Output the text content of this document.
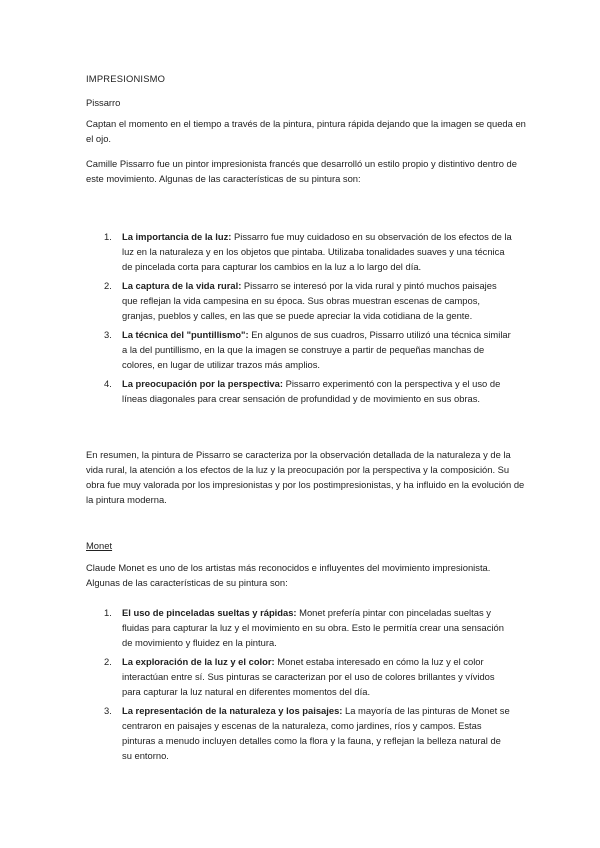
IMPRESIONISMO

Pissarro

Captan el momento en el tiempo a través de la pintura, pintura rápida dejando que la imagen se queda en el ojo.

Camille Pissarro fue un pintor impresionista francés que desarrolló un estilo propio y distintivo dentro de este movimiento. Algunas de las características de su pintura son:

1. La importancia de la luz: Pissarro fue muy cuidadoso en su observación de los efectos de la luz en la naturaleza y en los objetos que pintaba. Utilizaba tonalidades suaves y una técnica de pincelada corta para capturar los cambios en la luz a lo largo del día.
2. La captura de la vida rural: Pissarro se interesó por la vida rural y pintó muchos paisajes que reflejan la vida campesina en su época. Sus obras muestran escenas de campos, granjas, pueblos y calles, en las que se puede apreciar la vida cotidiana de la gente.
3. La técnica del "puntillismo": En algunos de sus cuadros, Pissarro utilizó una técnica similar a la del puntillismo, en la que la imagen se construye a partir de pequeñas manchas de colores, en lugar de utilizar trazos más amplios.
4. La preocupación por la perspectiva: Pissarro experimentó con la perspectiva y el uso de líneas diagonales para crear sensación de profundidad y de movimiento en sus obras.

En resumen, la pintura de Pissarro se caracteriza por la observación detallada de la naturaleza y de la vida rural, la atención a los efectos de la luz y la preocupación por la perspectiva y la composición. Su obra fue muy valorada por los impresionistas y por los postimpresionistas, y ha influido en la evolución de la pintura moderna.

Monet

Claude Monet es uno de los artistas más reconocidos e influyentes del movimiento impresionista. Algunas de las características de su pintura son:

1. El uso de pinceladas sueltas y rápidas: Monet prefería pintar con pinceladas sueltas y fluidas para capturar la luz y el movimiento en su obra. Esto le permitía crear una sensación de movimiento y fluidez en la pintura.
2. La exploración de la luz y el color: Monet estaba interesado en cómo la luz y el color interactúan entre sí. Sus pinturas se caracterizan por el uso de colores brillantes y vívidos para capturar la luz natural en diferentes momentos del día.
3. La representación de la naturaleza y los paisajes: La mayoría de las pinturas de Monet se centraron en paisajes y escenas de la naturaleza, como jardines, ríos y campos. Estas pinturas a menudo incluyen detalles como la flora y la fauna, y reflejan la belleza natural de su entorno.
